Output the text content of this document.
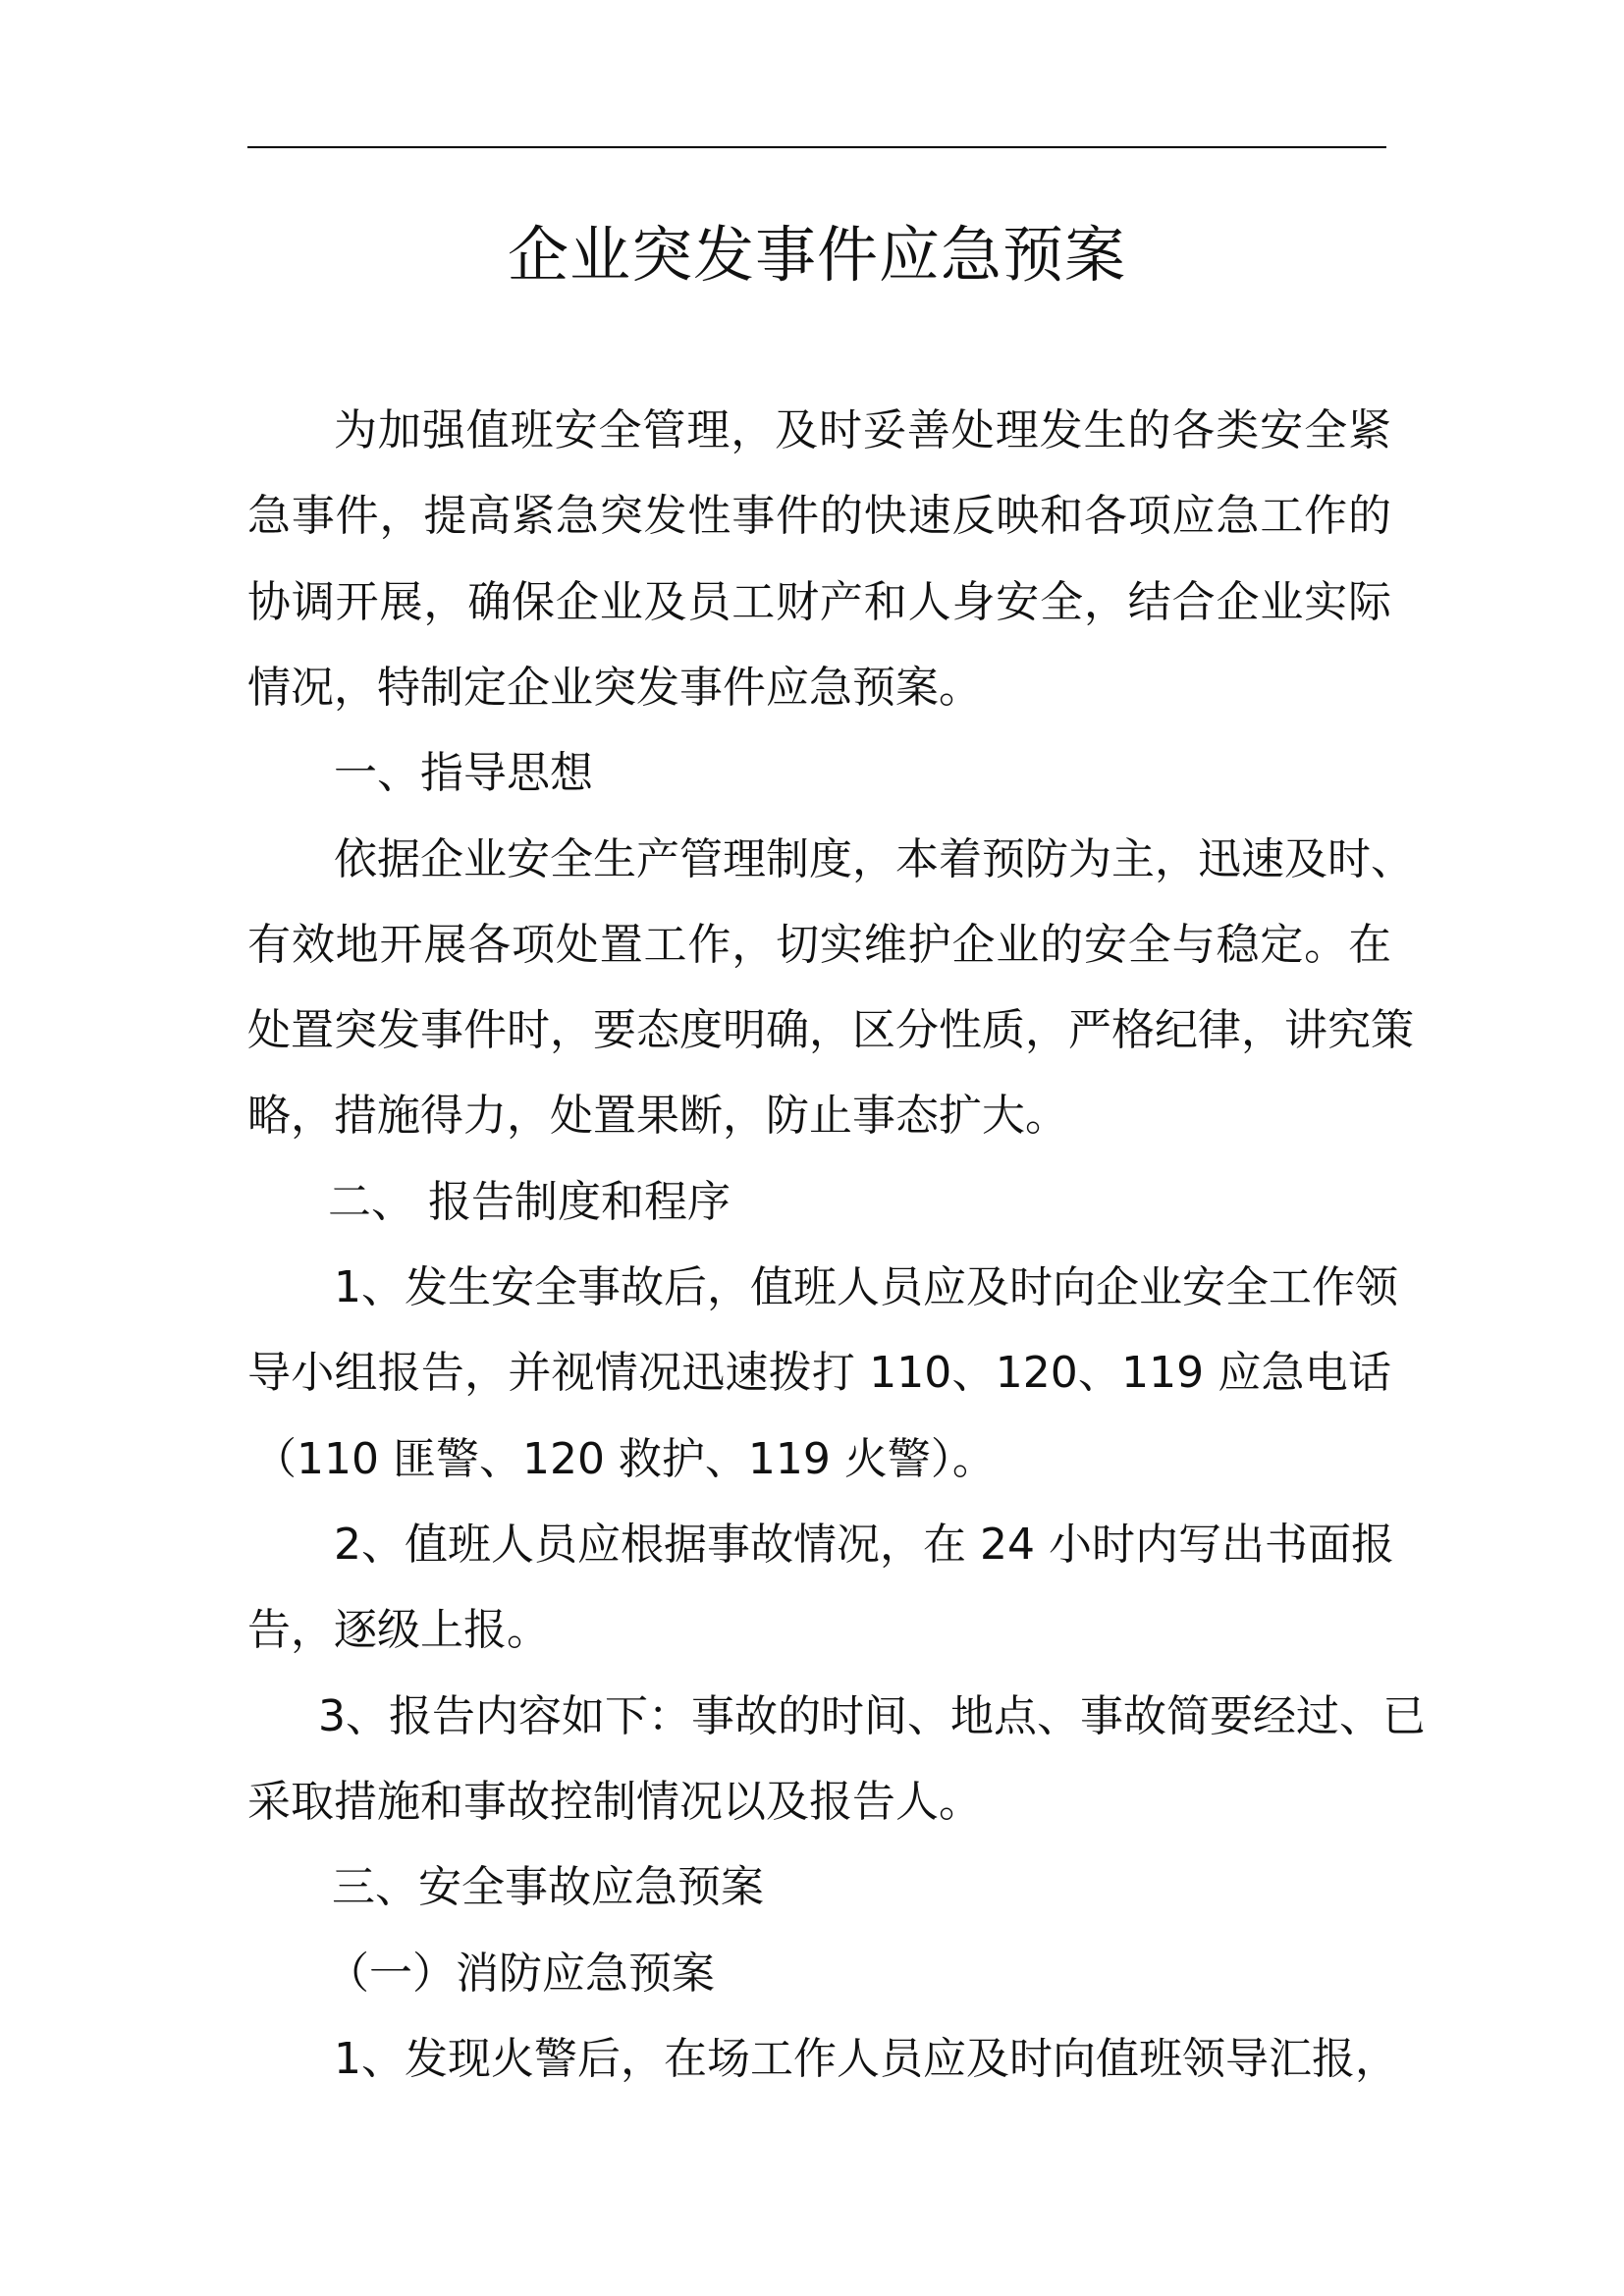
企业突发事件应急预案
为加强值班安全管理，及时妥善处理发生的各类安全紧
急事件，提高紧急突发性事件的快速反映和各项应急工作的
协调开展，确保企业及员工财产和人身安全，结合企业实际
情况，特制定企业突发事件应急预案。
一、指导思想
依据企业安全生产管理制度，本着预防为主，迅速及时、
有效地开展各项处置工作，切实维护企业的安全与稳定。在
处置突发事件时，要态度明确，区分性质，严格纪律，讲究策
略，措施得力，处置果断，防止事态扩大。
二、 报告制度和程序
1、发生安全事故后，值班人员应及时向企业安全工作领
导小组报告，并视情况迅速拨打 110、120、119 应急电话
（110 匪警、120 救护、119 火警）。
2、值班人员应根据事故情况，在 24 小时内写出书面报
告，逐级上报。
3、报告内容如下：事故的时间、地点、事故简要经过、已
采取措施和事故控制情况以及报告人。
三、安全事故应急预案
（一）消防应急预案
1、发现火警后，在场工作人员应及时向值班领导汇报，
